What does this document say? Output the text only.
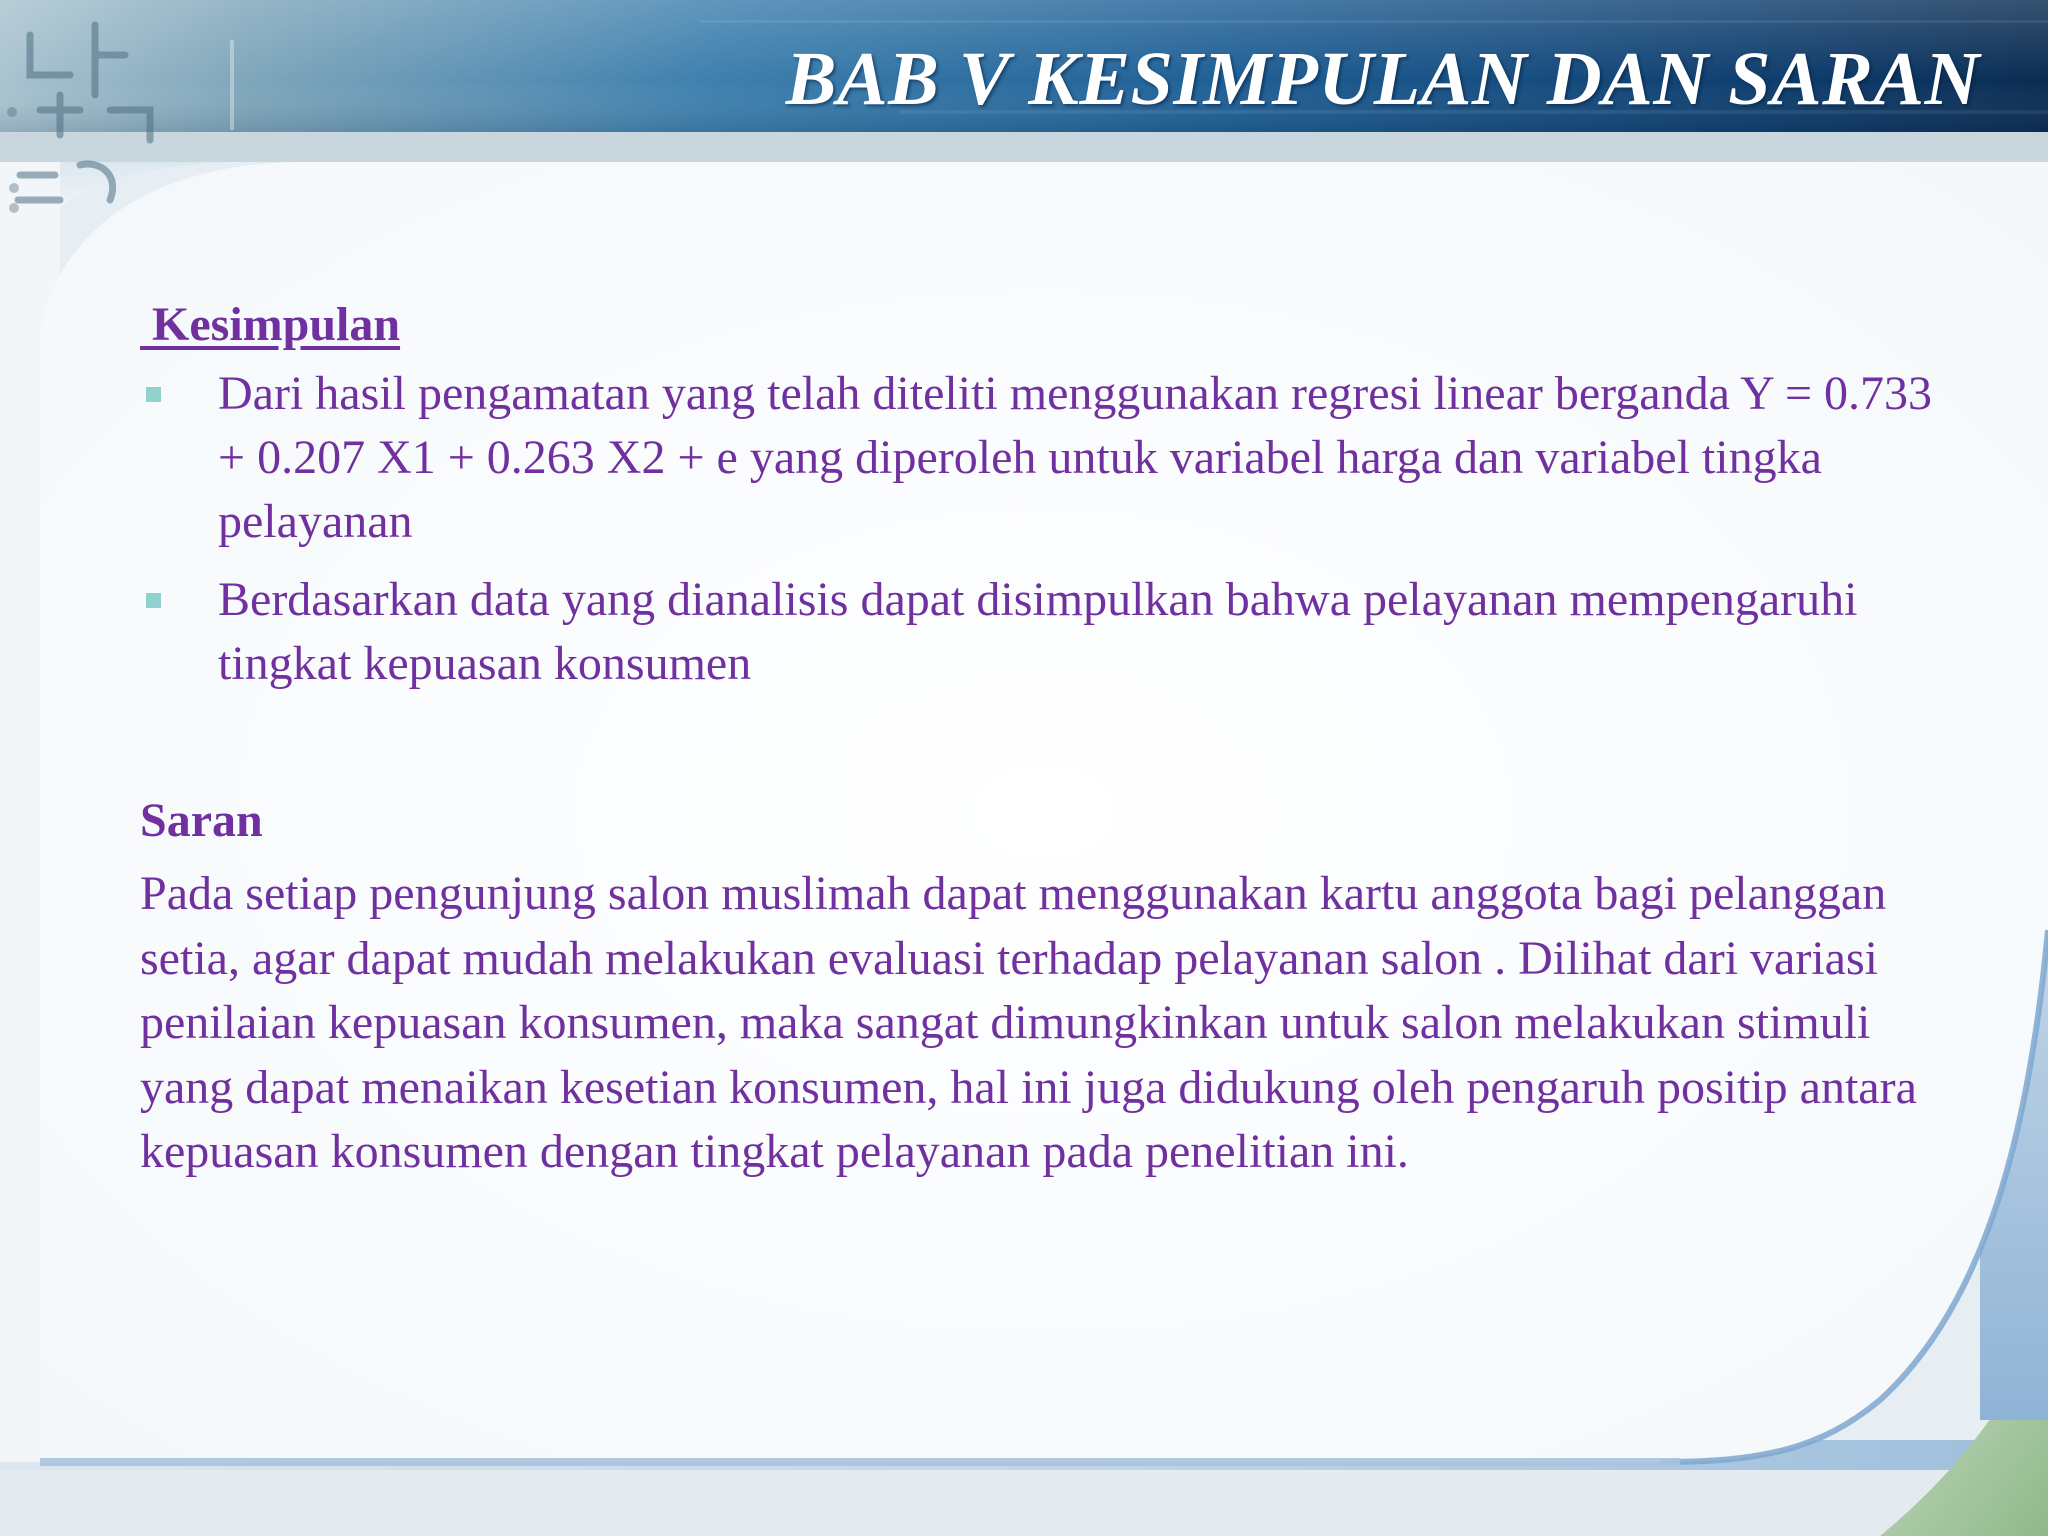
BAB V KESIMPULAN DAN SARAN
Kesimpulan
Dari hasil pengamatan yang telah diteliti menggunakan regresi linear berganda Y = 0.733 + 0.207 X1 + 0.263 X2 + e yang diperoleh untuk variabel harga dan variabel tingka pelayanan
Berdasarkan data yang dianalisis dapat disimpulkan bahwa pelayanan mempengaruhi tingkat kepuasan konsumen
Saran

Pada setiap pengunjung salon muslimah dapat menggunakan kartu anggota bagi pelanggan setia, agar dapat mudah melakukan evaluasi terhadap pelayanan salon . Dilihat dari variasi penilaian kepuasan konsumen, maka sangat dimungkinkan untuk salon melakukan stimuli yang dapat menaikan kesetian konsumen, hal ini juga didukung oleh pengaruh positip antara kepuasan konsumen dengan tingkat pelayanan pada penelitian ini.
